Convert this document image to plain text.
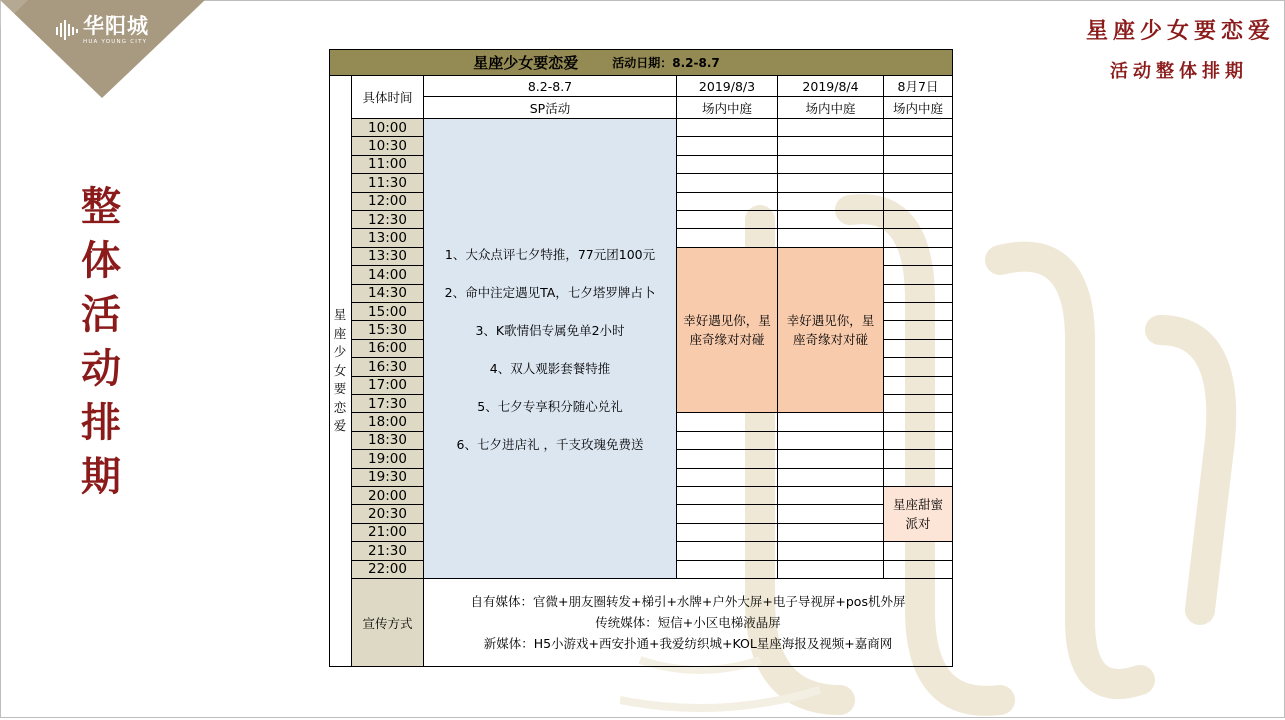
华阳城
HUA YOUNG CITY	星座少女要恋爱
活动整体排期
整
体
活
动
排
期
星座少女要恋爱	活动日期：8.2-8.7
星
座
少
女
要
恋
爱
具体时间
8.2-8.7
SP活动
2019/8/3
场内中庭
2019/8/4
场内中庭
8月7日
场内中庭
1、大众点评七夕特推，77元团100元
2、命中注定遇见TA，七夕塔罗牌占卜
3、K歌情侣专属免单2小时
4、双人观影套餐特推
5、七夕专享积分随心兑礼
6、七夕进店礼 ，千支玫瑰免费送
宣传方式
自有媒体：官微+朋友圈转发+梯引+水牌+户外大屏+电子导视屏+pos机外屏
传统媒体：短信+小区电梯液晶屏
新媒体：H5小游戏+西安扑通+我爱纺织城+KOL星座海报及视频+嘉商网
10:00
10:30
11:00
11:30
12:00
12:30
13:00
13:30
幸好遇见你，星座奇缘对对碰
幸好遇见你，星座奇缘对对碰
14:00
14:30
15:00
15:30
16:00
16:30
17:00
17:30
18:00
18:30
19:00
19:30
20:00
星座甜蜜派对
20:30
21:00
21:30
22:00
